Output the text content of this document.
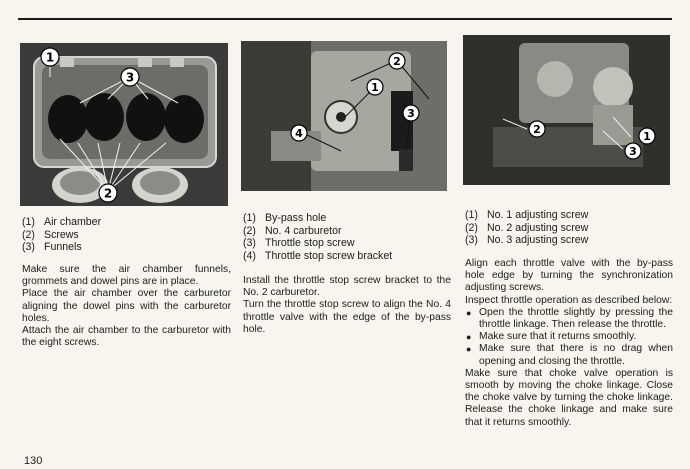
1
3
2
2
1
4
3
2
1
3
(1) Air chamber
(2) Screws
(3) Funnels

Make sure the air chamber funnels, grommets and dowel pins are in place.

Place the air chamber over the carburetor aligning the dowel pins with the carburetor holes.

Attach the air chamber to the carburetor with the eight screws.

(1) By-pass hole
(2) No. 4 carburetor
(3) Throttle stop screw
(4) Throttle stop screw bracket

Install the throttle stop screw bracket to the No. 2 carburetor.

Turn the throttle stop screw to align the No. 4 throttle valve with the edge of the by-pass hole.

(1) No. 1 adjusting screw
(2) No. 2 adjusting screw
(3) No. 3 adjusting screw

Align each throttle valve with the by-pass hole edge by turning the synchronization adjusting screws.

Inspect throttle operation as described below:

● Open the throttle slightly by pressing the throttle linkage. Then release the throttle.
● Make sure that it returns smoothly.
● Make sure that there is no drag when opening and closing the throttle.

Make sure that choke valve operation is smooth by moving the choke linkage. Close the choke valve by turning the choke linkage. Release the choke linkage and make sure that it returns smoothly.

130
